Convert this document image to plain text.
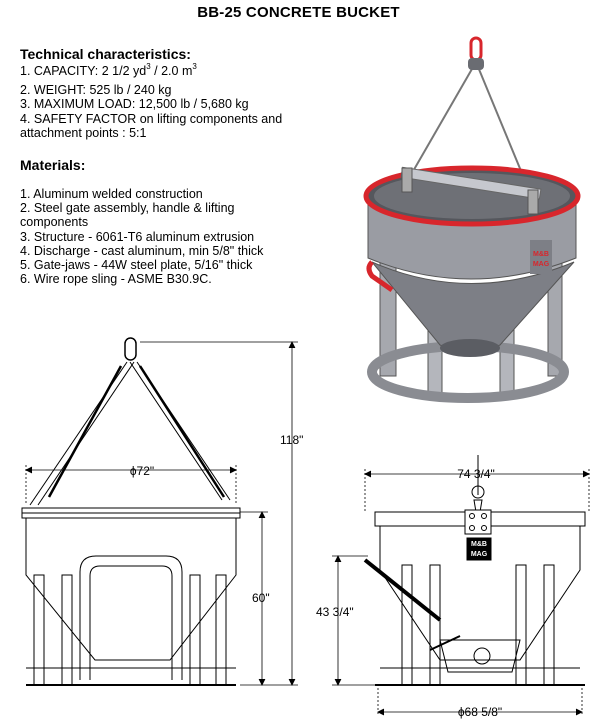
BB-25 CONCRETE BUCKET
Technical characteristics:
1. CAPACITY: 2 1/2 $yd^3 / 2.0$ $m^3$
2. WEIGHT: 525 lb / 240 kg
3. MAXIMUM LOAD: 12,500 lb / 5,680 kg
4. SAFETY FACTOR on lifting components and attachment points : 5:1
Materials:
1. Aluminum welded construction
2. Steel gate assembly, handle & lifting components
3. Structure - 6061-T6 aluminum extrusion
4. Discharge - cast aluminum, min 5/8" thick
5. Gate-jaws - 44W steel plate, 5/16" thick
6. Wire rope sling - ASME B30.9C.
M&B
MAG
ϕ72"
118"
60"
M&B
MAG
74 3/4"
43 3/4"
ϕ68 5/8"
